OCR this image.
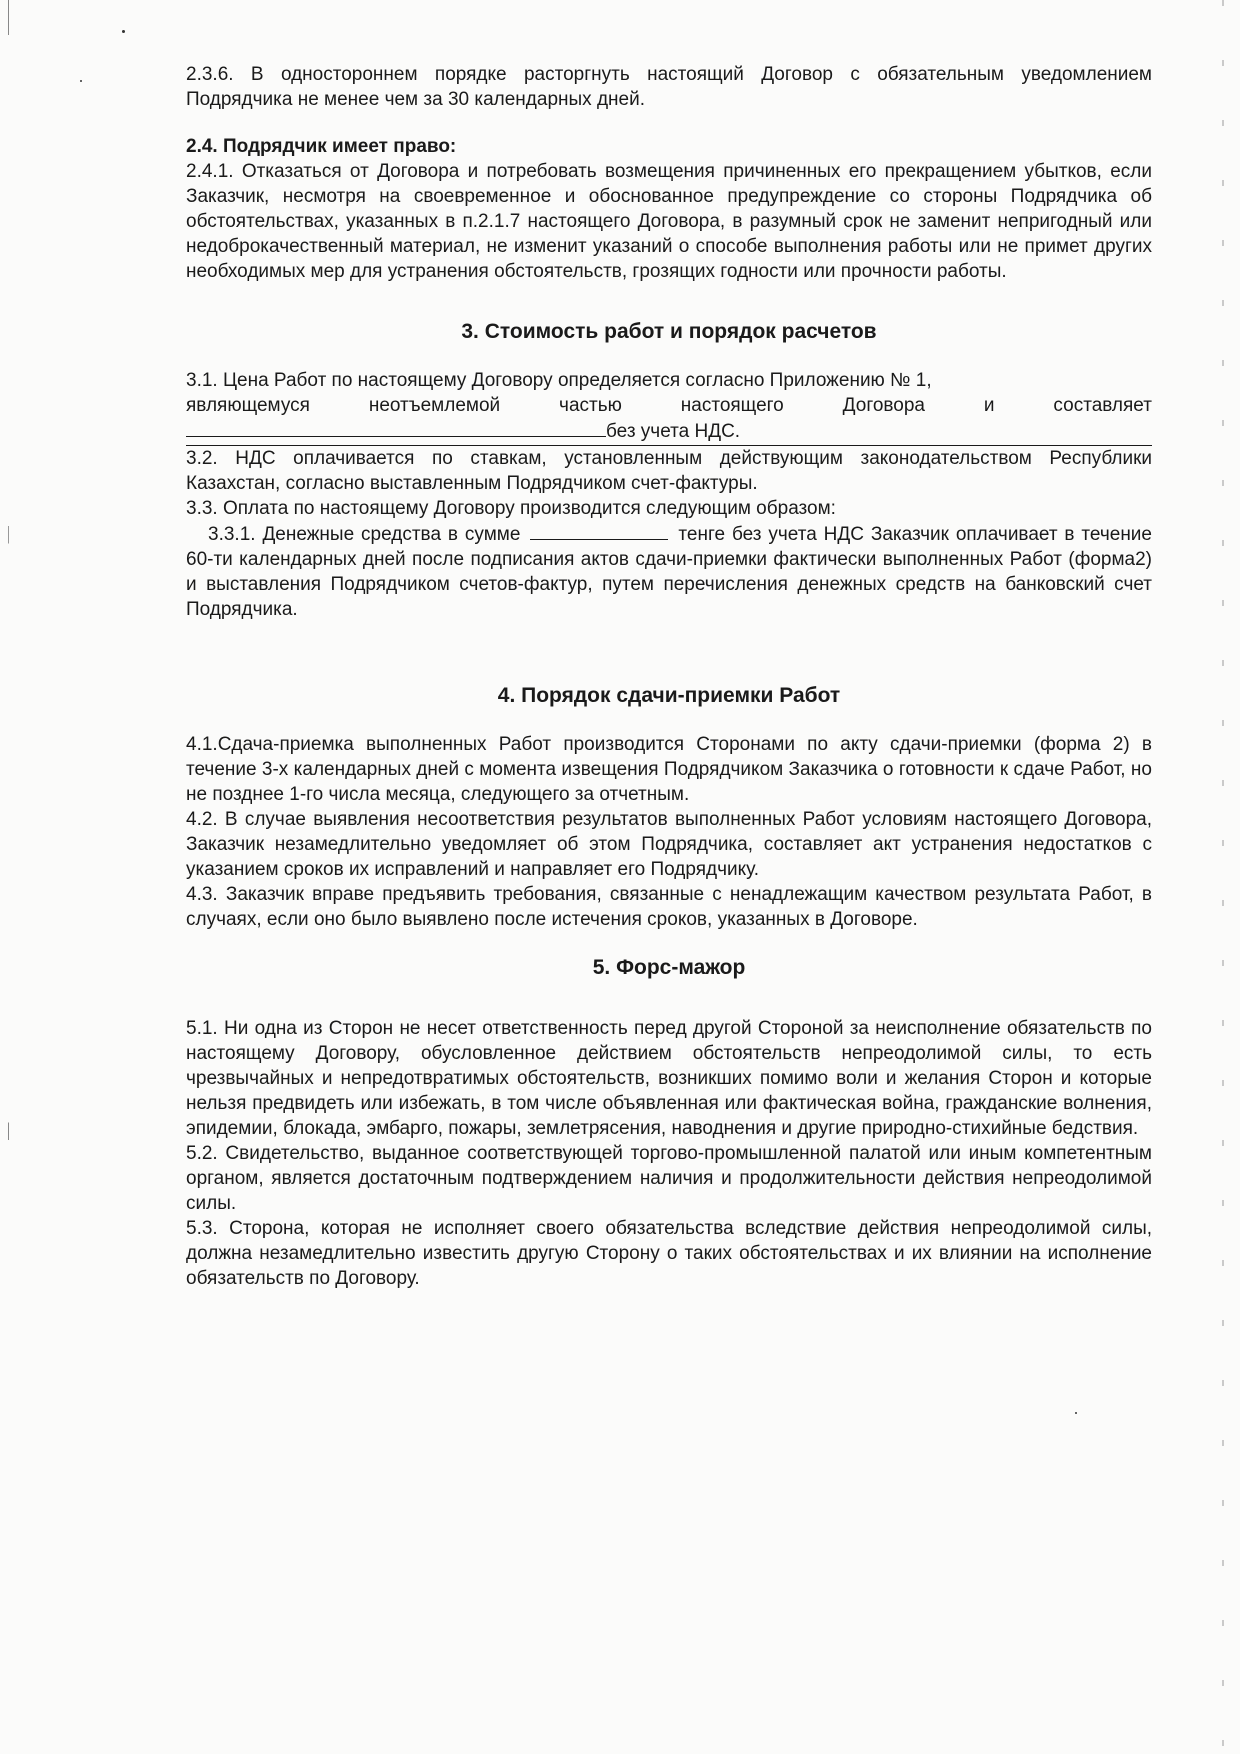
2.3.6. В одностороннем порядке расторгнуть настоящий Договор с обязательным уведомлением Подрядчика не менее чем за 30 календарных дней.

2.4. Подрядчик имеет право:

2.4.1. Отказаться от Договора и потребовать возмещения причиненных его прекращением убытков, если Заказчик, несмотря на своевременное и обоснованное предупреждение со стороны Подрядчика об обстоятельствах, указанных в п.2.1.7 настоящего Договора, в разумный срок не заменит непригодный или недоброкачественный материал, не изменит указаний о способе выполнения работы или не примет других необходимых мер для устранения обстоятельств, грозящих годности или прочности работы.

3. Стоимость работ и порядок расчетов

3.1. Цена Работ по настоящему Договору определяется согласно Приложению № 1,

являющемуся	неотъемлемой	частью	настоящего	Договора	и	составляет

без учета НДС.

3.2. НДС оплачивается по ставкам, установленным действующим законодательством Республики Казахстан, согласно выставленным Подрядчиком счет-фактуры.

3.3. Оплата по настоящему Договору производится следующим образом:

3.3.1. Денежные средства в сумме	тенге без учета НДС Заказчик оплачивает в течение 60-ти календарных дней после подписания актов сдачи-приемки фактически выполненных Работ (форма2) и выставления Подрядчиком счетов-фактур, путем перечисления денежных средств на банковский счет Подрядчика.

4. Порядок сдачи-приемки Работ

4.1.Сдача-приемка выполненных Работ производится Сторонами по акту сдачи-приемки (форма 2) в течение 3-х календарных дней с момента извещения Подрядчиком Заказчика о готовности к сдаче Работ, но не позднее 1-го числа месяца, следующего за отчетным.

4.2. В случае выявления несоответствия результатов выполненных Работ условиям настоящего Договора, Заказчик незамедлительно уведомляет об этом Подрядчика, составляет акт устранения недостатков с указанием сроков их исправлений и направляет его Подрядчику.

4.3. Заказчик вправе предъявить требования, связанные с ненадлежащим качеством результата Работ, в случаях, если оно было выявлено после истечения сроков, указанных в Договоре.

5. Форс-мажор

5.1. Ни одна из Сторон не несет ответственность перед другой Стороной за неисполнение обязательств по настоящему Договору, обусловленное действием обстоятельств непреодолимой силы, то есть чрезвычайных и непредотвратимых обстоятельств, возникших помимо воли и желания Сторон и которые нельзя предвидеть или избежать, в том числе объявленная или фактическая война, гражданские волнения, эпидемии, блокада, эмбарго, пожары, землетрясения, наводнения и другие природно-стихийные бедствия.

5.2. Свидетельство, выданное соответствующей торгово-промышленной палатой или иным компетентным органом, является достаточным подтверждением наличия и продолжительности действия непреодолимой силы.

5.3. Сторона, которая не исполняет своего обязательства вследствие действия непреодолимой силы, должна незамедлительно известить другую Сторону о таких обстоятельствах и их влиянии на исполнение обязательств по Договору.
